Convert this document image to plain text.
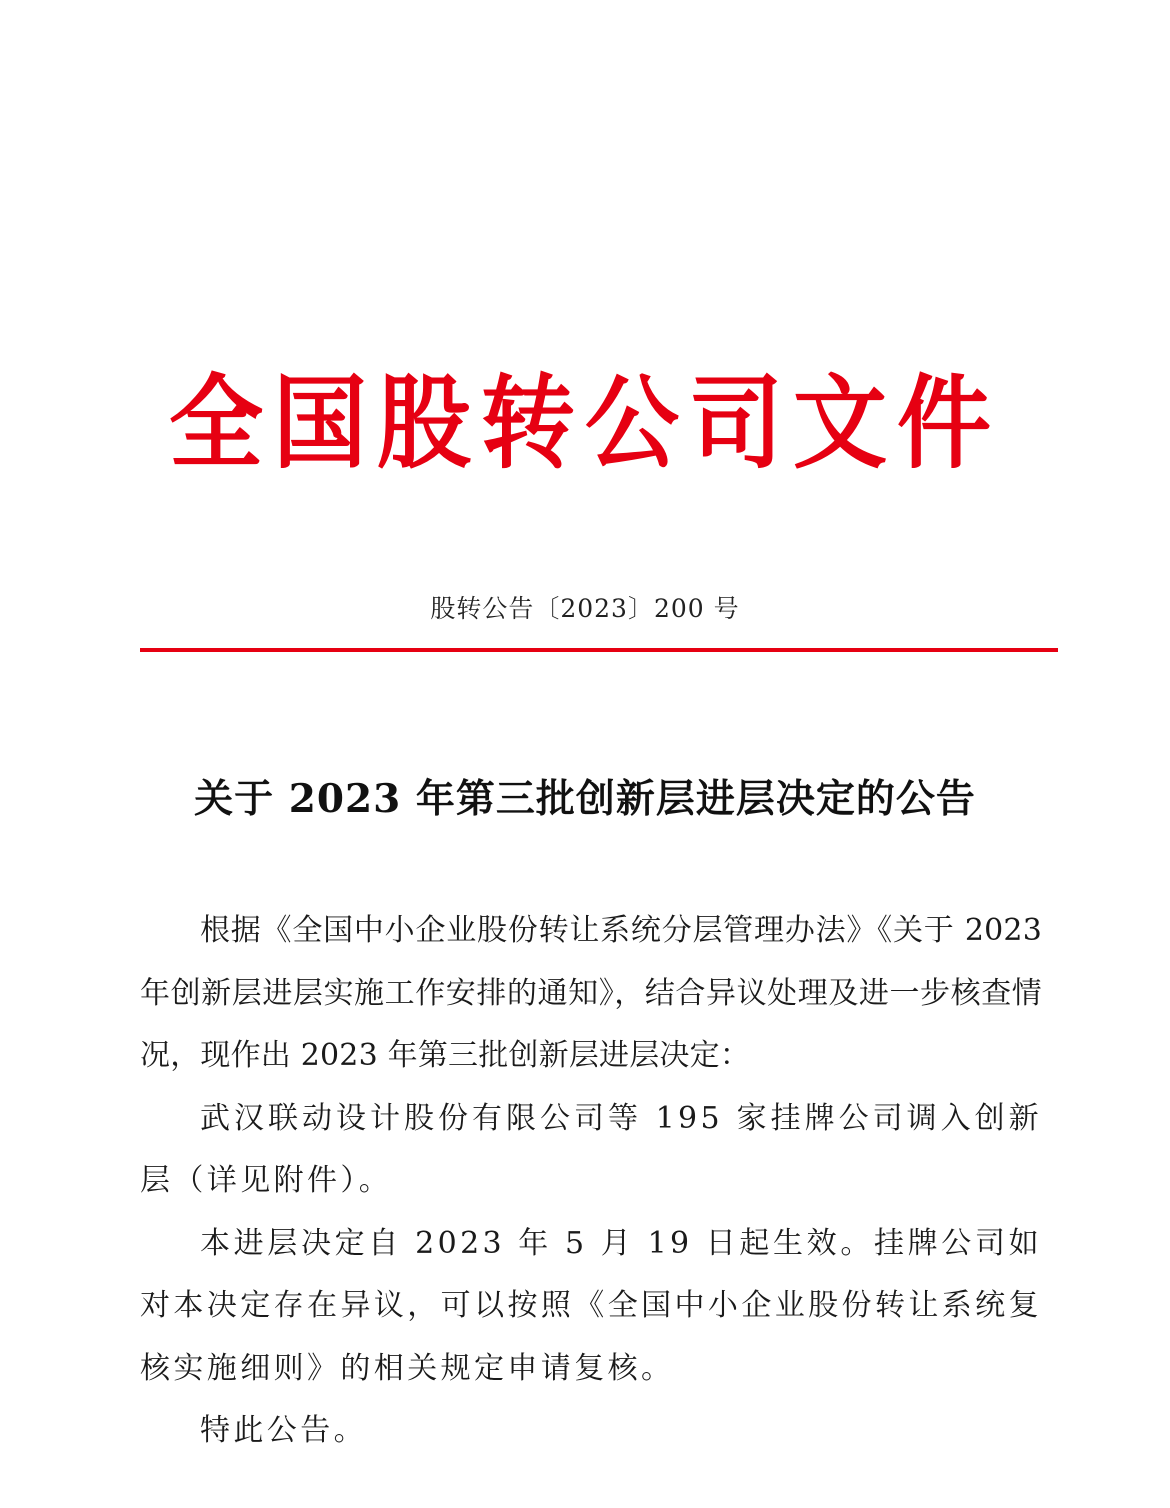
全国股转公司文件
股转公告〔2023〕200 号
关于 2023 年第三批创新层进层决定的公告

根据《全国中小企业股份转让系统分层管理办法》《关于 2023 年创新层进层实施工作安排的通知》，结合异议处理及进一步核查情况，现作出 2023 年第三批创新层进层决定：

武汉联动设计股份有限公司等 195 家挂牌公司调入创新层（详见附件）。

本进层决定自 2023 年 5 月 19 日起生效。挂牌公司如对本决定存在异议，可以按照《全国中小企业股份转让系统复核实施细则》的相关规定申请复核。

特此公告。
